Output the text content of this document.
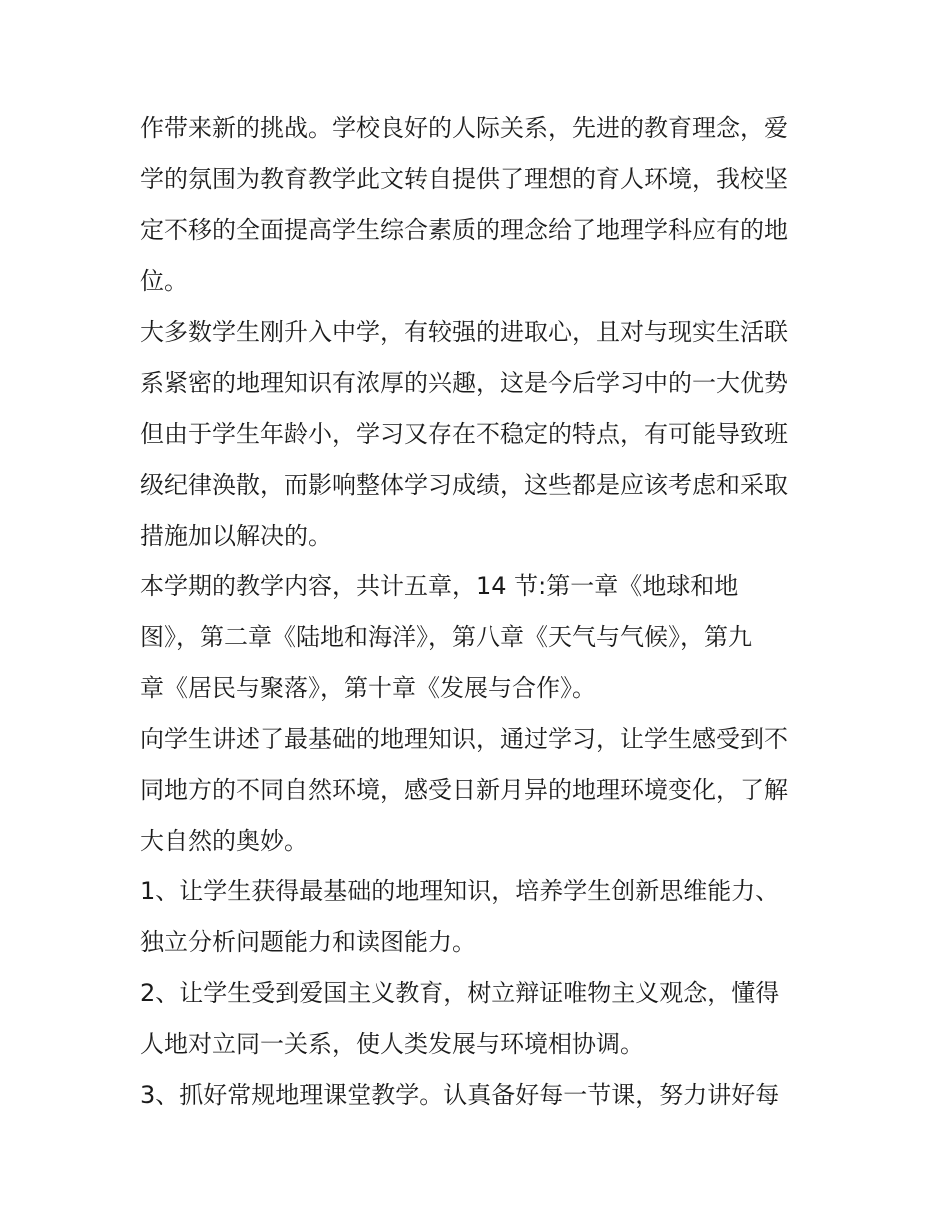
作带来新的挑战。学校良好的人际关系，先进的教育理念，爱
学的氛围为教育教学此文转自提供了理想的育人环境，我校坚
定不移的全面提高学生综合素质的理念给了地理学科应有的地
位。
大多数学生刚升入中学，有较强的进取心，且对与现实生活联
系紧密的地理知识有浓厚的兴趣，这是今后学习中的一大优势
但由于学生年龄小，学习又存在不稳定的特点，有可能导致班
级纪律涣散，而影响整体学习成绩，这些都是应该考虑和采取
措施加以解决的。
本学期的教学内容，共计五章，14 节:第一章《地球和地
图》，第二章《陆地和海洋》，第八章《天气与气候》，第九
章《居民与聚落》，第十章《发展与合作》。
向学生讲述了最基础的地理知识，通过学习，让学生感受到不
同地方的不同自然环境，感受日新月异的地理环境变化，了解
大自然的奥妙。
1、让学生获得最基础的地理知识，培养学生创新思维能力、
独立分析问题能力和读图能力。
2、让学生受到爱国主义教育，树立辩证唯物主义观念，懂得
人地对立同一关系，使人类发展与环境相协调。
3、抓好常规地理课堂教学。认真备好每一节课，努力讲好每
